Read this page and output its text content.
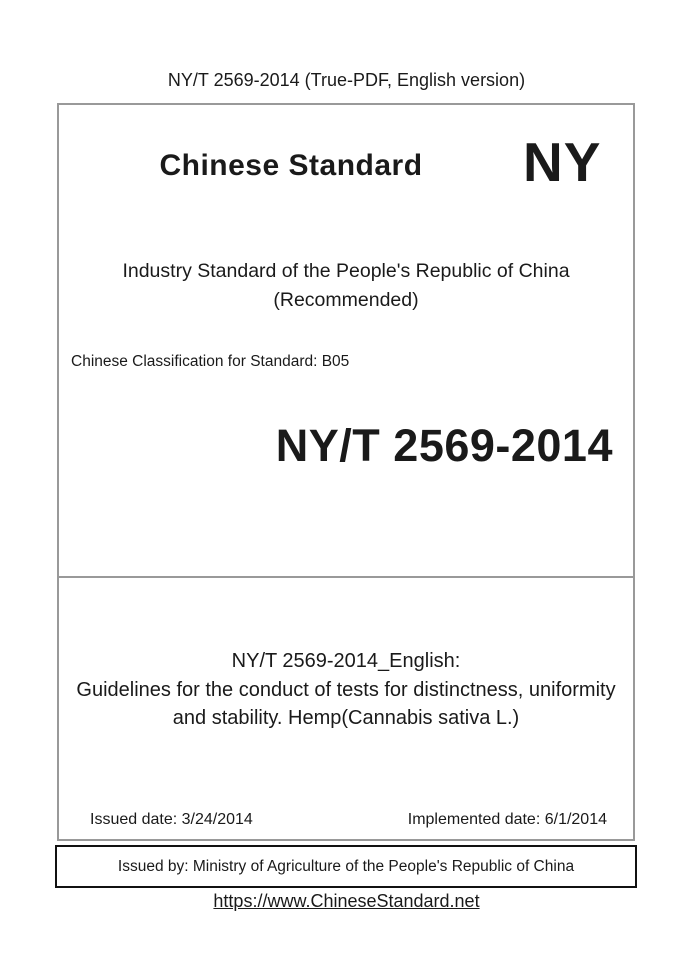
NY/T 2569-2014 (True-PDF, English version)
Chinese Standard	NY
Industry Standard of the People's Republic of China
(Recommended)
Chinese Classification for Standard: B05
NY/T 2569-2014
NY/T 2569-2014_English:
Guidelines for the conduct of tests for distinctness, uniformity
and stability. Hemp(Cannabis sativa L.)
Issued date: 3/24/2014	Implemented date: 6/1/2014
Issued by: Ministry of Agriculture of the People's Republic of China
https://www.ChineseStandard.net
